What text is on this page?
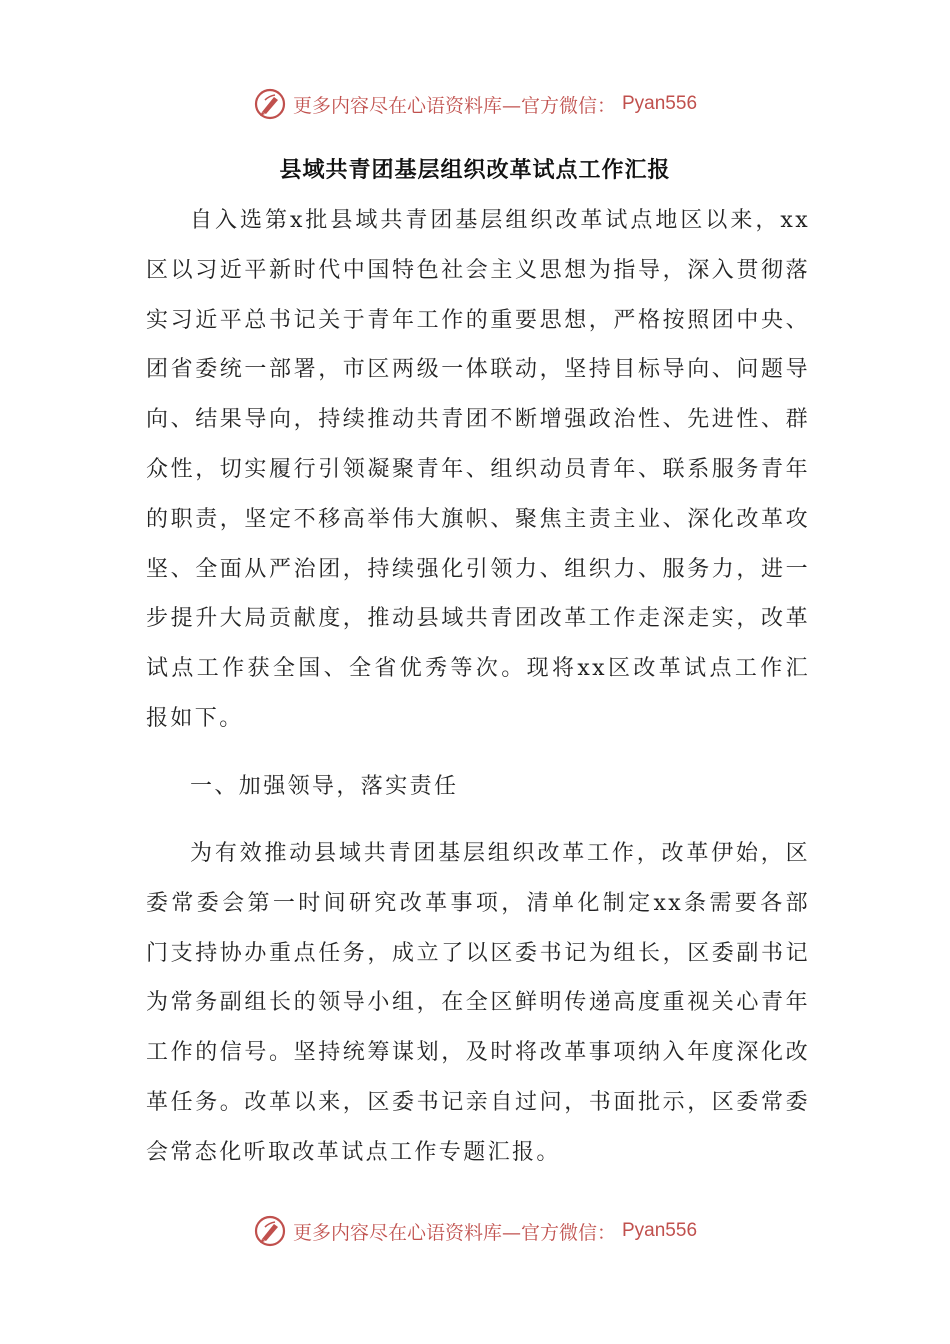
更多内容尽在心语资料库—官方微信： Pyan556
县域共青团基层组织改革试点工作汇报

自入选第x批县域共青团基层组织改革试点地区以来，xx区以习近平新时代中国特色社会主义思想为指导，深入贯彻落实习近平总书记关于青年工作的重要思想，严格按照团中央、团省委统一部署，市区两级一体联动，坚持目标导向、问题导向、结果导向，持续推动共青团不断增强政治性、先进性、群众性，切实履行引领凝聚青年、组织动员青年、联系服务青年的职责，坚定不移高举伟大旗帜、聚焦主责主业、深化改革攻坚、全面从严治团，持续强化引领力、组织力、服务力，进一步提升大局贡献度，推动县域共青团改革工作走深走实，改革试点工作获全国、全省优秀等次。现将xx区改革试点工作汇报如下。

一、加强领导，落实责任

为有效推动县域共青团基层组织改革工作，改革伊始，区委常委会第一时间研究改革事项，清单化制定xx条需要各部门支持协办重点任务，成立了以区委书记为组长，区委副书记为常务副组长的领导小组，在全区鲜明传递高度重视关心青年工作的信号。坚持统筹谋划，及时将改革事项纳入年度深化改革任务。改革以来，区委书记亲自过问，书面批示，区委常委会常态化听取改革试点工作专题汇报。

更多内容尽在心语资料库—官方微信： Pyan556
